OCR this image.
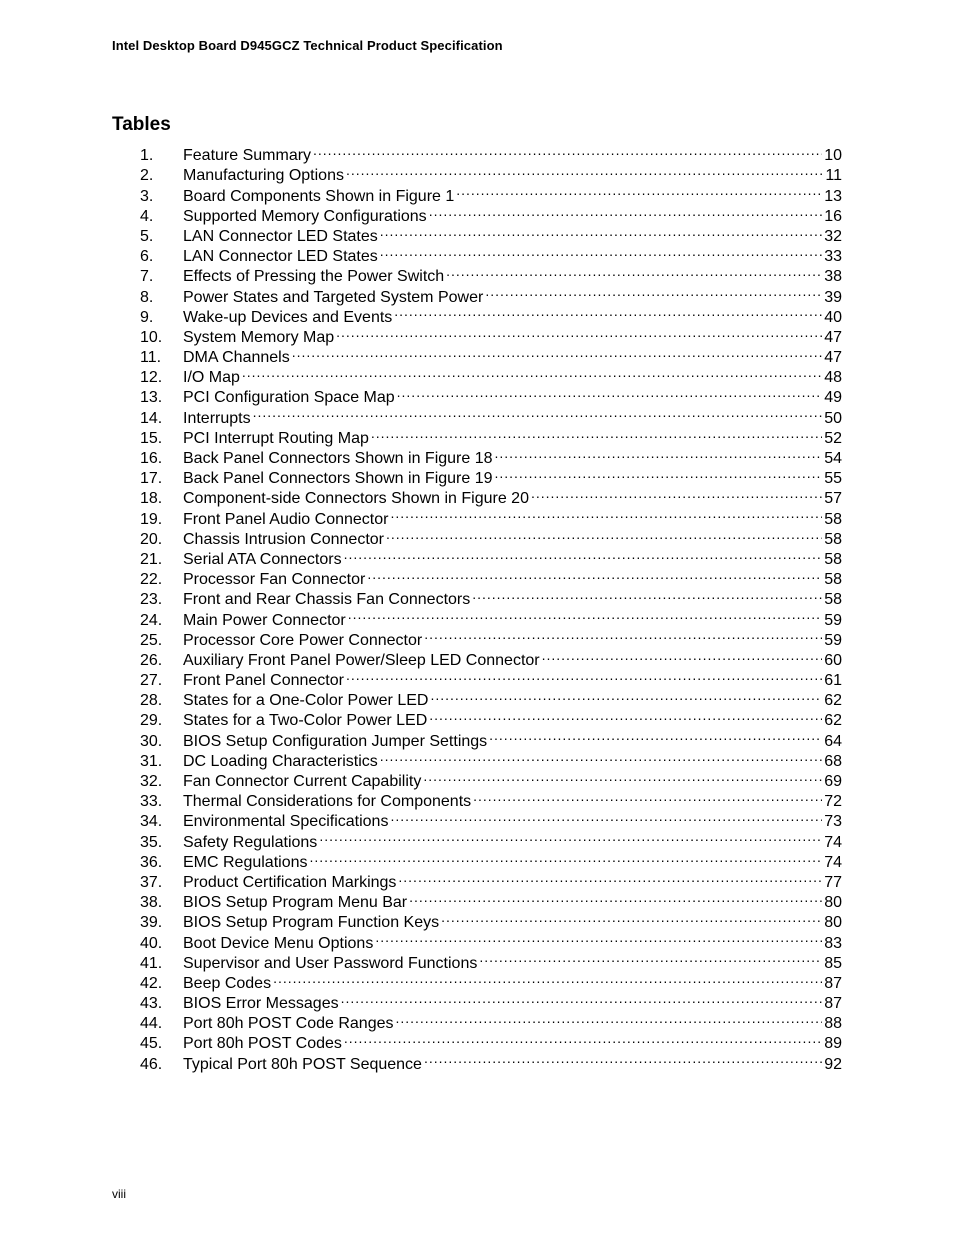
Intel Desktop Board D945GCZ Technical Product Specification
Tables
1.	Feature Summary . . .	10
2.	Manufacturing Options . . .	11
3.	Board Components Shown in Figure 1 . . .	13
4.	Supported Memory Configurations . . .	16
5.	LAN Connector LED States . . .	32
6.	LAN Connector LED States . . .	33
7.	Effects of Pressing the Power Switch . . .	38
8.	Power States and Targeted System Power . . .	39
9.	Wake-up Devices and Events . . .	40
10.	System Memory Map . . .	47
11.	DMA Channels . . .	47
12.	I/O Map . . .	48
13.	PCI Configuration Space Map . . .	49
14.	Interrupts . . .	50
15.	PCI Interrupt Routing Map . . .	52
16.	Back Panel Connectors Shown in Figure 18 . . .	54
17.	Back Panel Connectors Shown in Figure 19 . . .	55
18.	Component-side Connectors Shown in Figure 20 . . .	57
19.	Front Panel Audio Connector . . .	58
20.	Chassis Intrusion Connector . . .	58
21.	Serial ATA Connectors . . .	58
22.	Processor Fan Connector . . .	58
23.	Front and Rear Chassis Fan Connectors . . .	58
24.	Main Power Connector . . .	59
25.	Processor Core Power Connector . . .	59
26.	Auxiliary Front Panel Power/Sleep LED Connector . . .	60
27.	Front Panel Connector . . .	61
28.	States for a One-Color Power LED . . .	62
29.	States for a Two-Color Power LED . . .	62
30.	BIOS Setup Configuration Jumper Settings . . .	64
31.	DC Loading Characteristics . . .	68
32.	Fan Connector Current Capability . . .	69
33.	Thermal Considerations for Components . . .	72
34.	Environmental Specifications . . .	73
35.	Safety Regulations . . .	74
36.	EMC Regulations . . .	74
37.	Product Certification Markings . . .	77
38.	BIOS Setup Program Menu Bar . . .	80
39.	BIOS Setup Program Function Keys . . .	80
40.	Boot Device Menu Options . . .	83
41.	Supervisor and User Password Functions . . .	85
42.	Beep Codes . . .	87
43.	BIOS Error Messages . . .	87
44.	Port 80h POST Code Ranges . . .	88
45.	Port 80h POST Codes . . .	89
46.	Typical Port 80h POST Sequence . . .	92
viii
